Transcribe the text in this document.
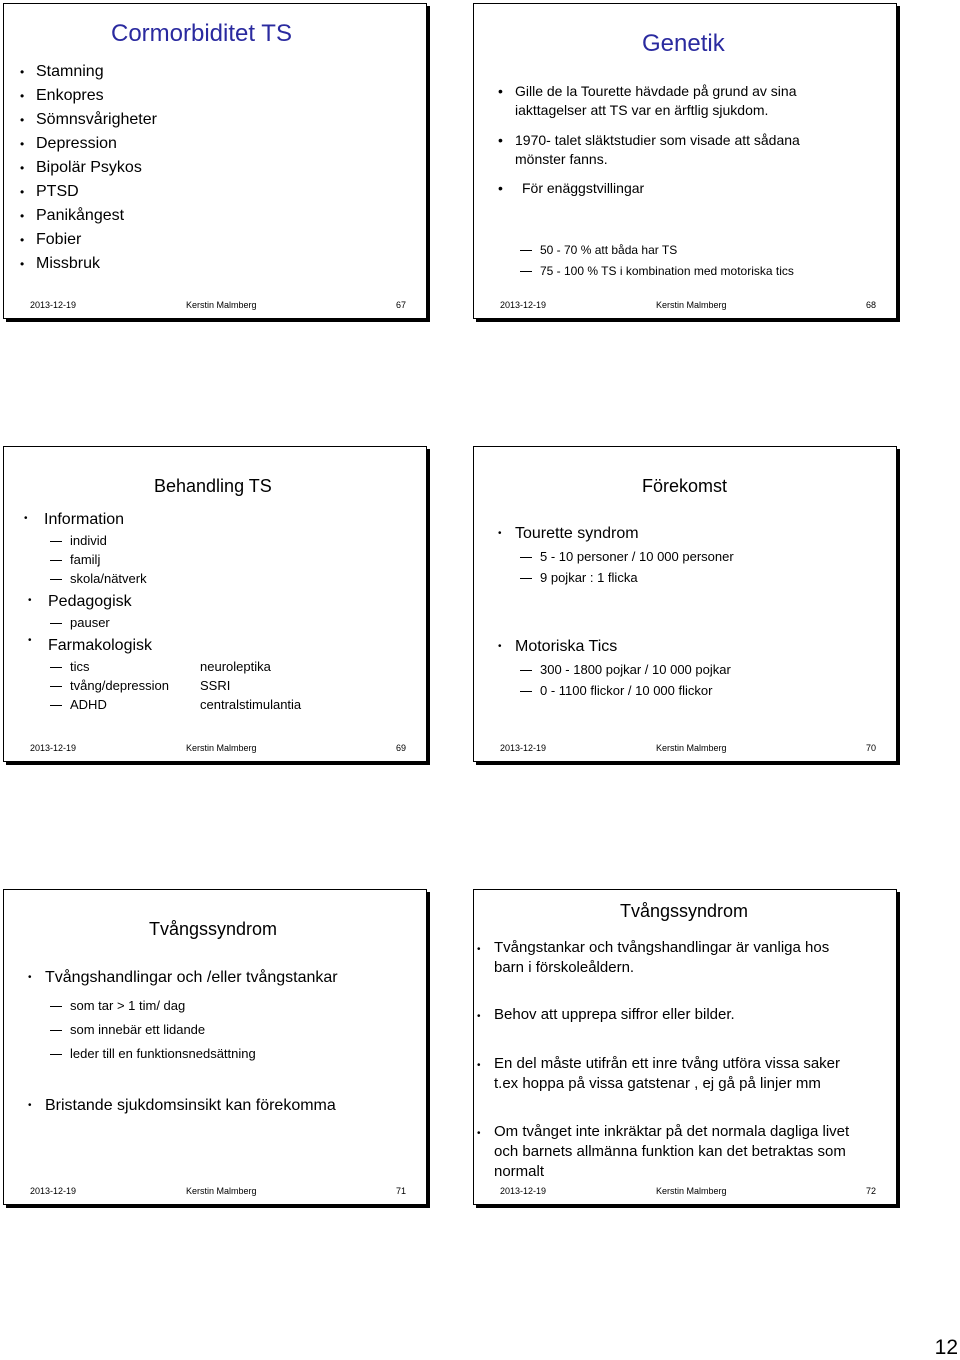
Cormorbiditet TS
• Stamning
• Enkopres
• Sömnsvårigheter
• Depression
• Bipolär Psykos
• PTSD
• Panikångest
• Fobier
• Missbruk
2013-12-19	Kerstin Malmberg	67
Genetik
• Gille de la Tourette hävdade på grund av sina
iakttagelser att TS var en ärftlig sjukdom.
• 1970- talet släktstudier som visade att sådana
mönster fanns.
• För enäggstvillingar
50 - 70 % att båda har TS
75 - 100 % TS i kombination med motoriska tics
2013-12-19	Kerstin Malmberg	68
Behandling TS
• Information
individ
familj
skola/nätverk
• Pedagogisk
pauser
• Farmakologisk
tics	neuroleptika
tvång/depression SSRI
ADHD	centralstimulantia
2013-12-19	Kerstin Malmberg	69
Förekomst
• Tourette syndrom
5 - 10 personer / 10 000 personer
9 pojkar : 1 flicka
• Motoriska Tics
300 - 1800 pojkar / 10 000 pojkar
0 - 1100 flickor / 10 000 flickor
2013-12-19	Kerstin Malmberg	70
Tvångssyndrom
• Tvångshandlingar och /eller tvångstankar
som tar > 1 tim/ dag
som innebär ett lidande
leder till en funktionsnedsättning
• Bristande sjukdomsinsikt kan förekomma
2013-12-19	Kerstin Malmberg	71
Tvångssyndrom
• Tvångstankar och tvångshandlingar är vanliga hos
barn i förskoleåldern.
• Behov att upprepa siffror eller bilder.
• En del måste utifrån ett inre tvång utföra vissa saker
t.ex hoppa på vissa gatstenar , ej gå på linjer mm
• Om tvånget inte inkräktar på det normala dagliga livet
och barnets allmänna funktion kan det betraktas som
normalt
2013-12-19	Kerstin Malmberg	72
12
